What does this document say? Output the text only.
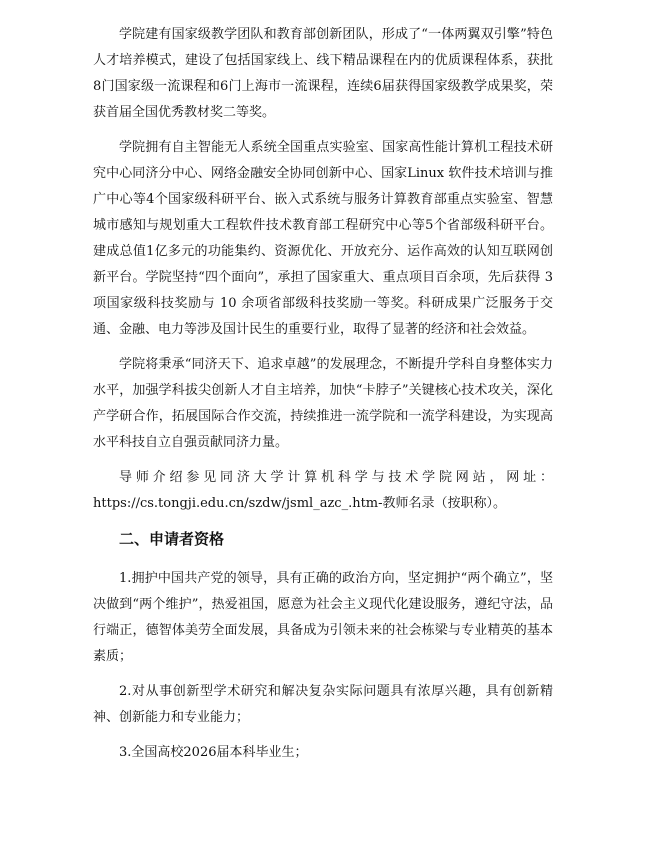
学院建有国家级教学团队和教育部创新团队，形成了“一体两翼双引擎”特色人才培养模式，建设了包括国家线上、线下精品课程在内的优质课程体系，获批8门国家级一流课程和6门上海市一流课程，连续6届获得国家级教学成果奖，荣获首届全国优秀教材奖二等奖。

学院拥有自主智能无人系统全国重点实验室、国家高性能计算机工程技术研究中心同济分中心、网络金融安全协同创新中心、国家Linux 软件技术培训与推广中心等4个国家级科研平台、嵌入式系统与服务计算教育部重点实验室、智慧城市感知与规划重大工程软件技术教育部工程研究中心等5个省部级科研平台。建成总值1亿多元的功能集约、资源优化、开放充分、运作高效的认知互联网创新平台。学院坚持“四个面向”，承担了国家重大、重点项目百余项，先后获得 3 项国家级科技奖励与 10 余项省部级科技奖励一等奖。科研成果广泛服务于交通、金融、电力等涉及国计民生的重要行业，取得了显著的经济和社会效益。

学院将秉承“同济天下、追求卓越”的发展理念，不断提升学科自身整体实力水平，加强学科拔尖创新人才自主培养，加快“卡脖子”关键核心技术攻关，深化产学研合作，拓展国际合作交流，持续推进一流学院和一流学科建设，为实现高水平科技自立自强贡献同济力量。

导师介绍参见同济大学计算机科学与技术学院网站，网址：

https://cs.tongji.edu.cn/szdw/jsml_azc_.htm-教师名录（按职称）。

二、申请者资格

1.拥护中国共产党的领导，具有正确的政治方向，坚定拥护“两个确立”，坚决做到“两个维护”，热爱祖国，愿意为社会主义现代化建设服务，遵纪守法，品行端正，德智体美劳全面发展，具备成为引领未来的社会栋梁与专业精英的基本素质；

2.对从事创新型学术研究和解决复杂实际问题具有浓厚兴趣，具有创新精神、创新能力和专业能力；

3.全国高校2026届本科毕业生；
